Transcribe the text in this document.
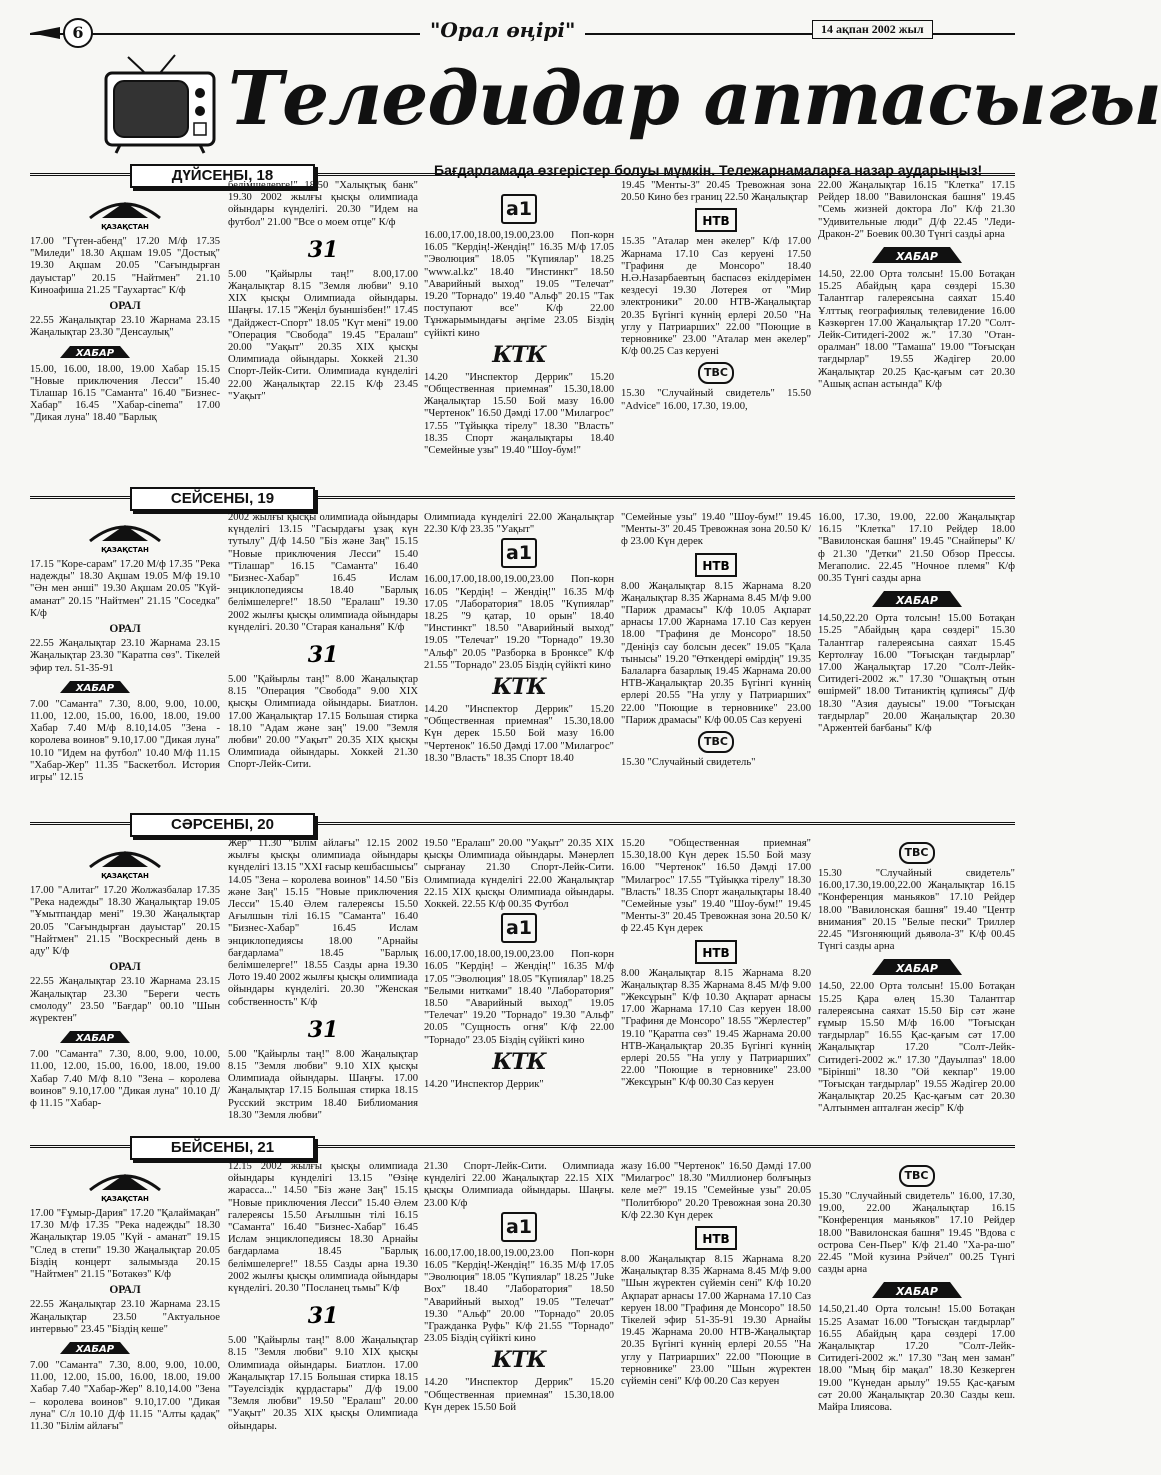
6	"Орал өңірі"	14 ақпан 2002 жыл
Теледидар аптасыгы
Бағдарламада өзгерістер болуы мүмкін. Тележарнамаларға назар аударыңыз!
ДҮЙСЕНБІ, 18
СЕЙСЕНБІ, 19
СӘРСЕНБІ, 20
БЕЙСЕНБІ, 21
ҚАЗАҚСТАН

17.00 "Гүтен-абенд" 17.20 М/ф 17.35 "Миледи" 18.30 Ақшам 19.05 "Достық" 19.30 Ақшам 20.05 "Сағындырған дауыстар" 20.15 "Найтмен" 21.10 Киноафиша 21.25 "Гаухартас" К/ф

ОРАЛ

22.55 Жаңалықтар 23.10 Жарнама 23.15 Жаңалықтар 23.30 "Денсаулық"

ХАБАР

15.00, 16.00, 18.00, 19.00 Хабар 15.15 "Новые приключения Лесси" 15.40 Тілашар 16.15 "Саманта" 16.40 "Бизнес-Хабар" 16.45 "Хабар-cinema" 17.00 "Дикая луна" 18.40 "Барлық

белімшелерге!" 18.50 "Халықтық банк" 19.30 2002 жылғы қысқы олимпиада ойындары күнделігі. 20.30 "Идем на футбол" 21.00 "Все о моем отце" К/ф

31

5.00 "Қайырлы таң!" 8.00,17.00 Жаңалықтар 8.15 "Земля любви" 9.10 XIX қысқы Олимпиада ойындары. Шаңғы. 17.15 "Жеңіл буыншізбен!" 17.45 "Дайджест-Спорт" 18.05 "Күт мені" 19.00 "Операция "Свобода" 19.45 "Ералаш" 20.00 "Уақыт" 20.35 XIX қысқы Олимпиада ойындары. Хоккей 21.30 Спорт-Лейк-Сити. Олимпиада күнделігі 22.00 Жаңалықтар 22.15 К/ф 23.45 "Уақыт"

а1

16.00,17.00,18.00,19.00,23.00 Поп-корн 16.05 "Кердің!-Жендің!" 16.35 М/ф 17.05 "Эволюция" 18.05 "Күпиялар" 18.25 "www.al.kz" 18.40 "Инстинкт" 18.50 "Аварийный выход" 19.05 "Телечат" 19.20 "Торнадо" 19.40 "Альф" 20.15 "Так поступают все" К/ф 22.00 Тұнжарымындағы әңгіме 23.05 Біздің сүйікті кино

КТК

14.20 "Инспектор Деррик" 15.20 "Общественная приемная" 15.30,18.00 Жаңалықтар 15.50 Бой мазу 16.00 "Чертенок" 16.50 Дәмді 17.00 "Милагрос" 17.55 "Тұйықка тірелу" 18.30 "Власть" 18.35 Спорт жаңалықтары 18.40 "Семейные узы" 19.40 "Шоу-бум!"

19.45 "Менты-3" 20.45 Тревожная зона 20.50 Кино без границ 22.50 Жаңалықтар

НТВ

15.35 "Аталар мен әкелер" К/ф 17.00 Жарнама 17.10 Саз керуені 17.50 "Графиня де Монсоро" 18.40 Н.Ә.Назарбаевтың баспасөз екілдерімен кездесуі 19.30 Лотерея от "Мир электроники" 20.00 НТВ-Жаңалықтар 20.35 Бүгінгі күннің ерлері 20.50 "На углу у Патриарших" 22.00 "Поющие в терновнике" 23.00 "Аталар мен әкелер" К/ф 00.25 Саз керуені

ТВС

15.30 "Случайный свидетель" 15.50 "Advice" 16.00, 17.30, 19.00,

22.00 Жаңалықтар 16.15 "Клетка" 17.15 Рейдер 18.00 "Вавилонская башня" 19.45 "Семь жизней доктора Ло" К/ф 21.30 "Удивительные люди" Д/ф 22.45 "Леди-Дракон-2" Боевик 00.30 Түнгі саздьі арна

ХАБАР

14.50, 22.00 Орта толсын! 15.00 Ботақан 15.25 Абайдың қара сөздері 15.30 Талантгар галереясына саяхат 15.40 Ұлттық географиялық телевидение 16.00 Кәзкөрген 17.00 Жаңалықтар 17.20 "Солт-Лейк-Ситидегі-2002 ж." 17.30 "Отан-оралман" 18.00 "Тамаша" 19.00 "Тоғысқан тағдырлар" 19.55 Жәдігер 20.00 Жаңалықтар 20.25 Қас-қағым сәт 20.30 "Ашық аспан астында" К/ф

ҚАЗАҚСТАН

17.15 "Коре-сарам" 17.20 М/ф 17.35 "Река надежды" 18.30 Ақшам 19.05 М/ф 19.10 "Ән мен әнші" 19.30 Ақшам 20.05 "Күй-аманат" 20.15 "Найтмен" 21.15 "Соседка" К/ф

ОРАЛ

22.55 Жаңалықтар 23.10 Жарнама 23.15 Жаңалықтар 23.30 "Каратпа сөз". Тікелей эфир тел. 51-35-91

ХАБАР

7.00 "Саманта" 7.30, 8.00, 9.00, 10.00, 11.00, 12.00, 15.00, 16.00, 18.00, 19.00 Хабар 7.40 М/ф 8.10,14.05 "Зена - королева воинов" 9.10,17.00 "Дикая луна" 10.10 "Идем на футбол" 10.40 М/ф 11.15 "Хабар-Жер" 11.35 "Баскетбол. История игры" 12.15

2002 жылғы қысқы олимпиада ойындары күнделігі 13.15 "Гасырдағы ұзақ күн тутылу" Д/ф 14.50 "Біз және Заң" 15.15 "Новые приключения Лесси" 15.40 "Тілашар" 16.15 "Саманта" 16.40 "Бизнес-Хабар" 16.45 Ислам энциклопедиясы 18.40 "Барлық белімшелерге!" 18.50 "Ералаш" 19.30 2002 жылғы қысқы олимпиада ойындары күнделігі. 20.30 "Старая канальня" К/ф

31

5.00 "Қайырлы таң!" 8.00 Жаңалықтар 8.15 "Операция "Свобода" 9.00 XIX қысқы Олимпиада ойындары. Биатлон. 17.00 Жаңалықтар 17.15 Большая стирка 18.10 "Адам және заң" 19.00 "Земля любви" 20.00 "Уақыт" 20.35 XIX қысқы Олимпиада ойындары. Хоккей 21.30 Спорт-Лейк-Сити.

Олимпиада күнделігі 22.00 Жаңалықтар 22.30 К/ф 23.35 "Уақыт"

а1

16.00,17.00,18.00,19.00,23.00 Поп-корн 16.05 "Кердің! – Жендің!" 16.35 М/ф 17.05 "Лаборатория" 18.05 "Күпиялар" 18.25 "9 қатар, 10 орын" 18.40 "Инстинкт" 18.50 "Аварийный выход" 19.05 "Телечат" 19.20 "Торнадо" 19.30 "Альф" 20.05 "Разборка в Бронксе" К/ф 21.55 "Торнадо" 23.05 Біздің сүйікті кино

КТК

14.20 "Инспектор Деррик" 15.20 "Общественная приемная" 15.30,18.00 Күн дерек 15.50 Бой мазу 16.00 "Чертенок" 16.50 Дәмді 17.00 "Милагрос" 18.30 "Власть" 18.35 Спорт 18.40

"Семейные узы" 19.40 "Шоу-бум!" 19.45 "Менты-3" 20.45 Тревожная зона 20.50 К/ф 23.00 Күн дерек

НТВ

8.00 Жаңалықтар 8.15 Жарнама 8.20 Жаңалықтар 8.35 Жарнама 8.45 М/ф 9.00 "Париж драмасы" К/ф 10.05 Ақпарат арнасы 17.00 Жарнама 17.10 Саз керуен 18.00 "Графиня де Монсоро" 18.50 "Деніңіз сау болсын десек" 19.05 "Қала тынысы" 19.20 "Өткендері өмірдің" 19.35 Балаларға базарлық 19.45 Жарнама 20.00 НТВ-Жаңалықтар 20.35 Бүгінгі күннің ерлері 20.55 "На углу у Патриарших" 22.00 "Поющие в терновнике" 23.00 "Париж драмасы" К/ф 00.05 Саз керуені

ТВС

15.30 "Случайный свидетель"

16.00, 17.30, 19.00, 22.00 Жаңалықтар 16.15 "Клетка" 17.10 Рейдер 18.00 "Вавилонская башня" 19.45 "Снайперы" К/ф 21.30 "Детки" 21.50 Обзор Прессы. Мегаполис. 22.45 "Ночное племя" К/ф 00.35 Түнгі сазды арна

ХАБАР

14.50,22.20 Орта толсын! 15.00 Ботақан 15.25 "Абайдың қара сөздері" 15.30 Талантгар галереясына саяхат 15.45 Кертолғау 16.00 "Тоғысқан тағдырлар" 17.00 Жаңалықтар 17.20 "Солт-Лейк-Ситидегі-2002 ж." 17.30 "Ошақтың отын өшірмей" 18.00 Титаниктің құпиясы" Д/ф 18.30 "Азия дауысы" 19.00 "Тоғысқан тағдырлар" 20.00 Жаңалықтар 20.30 "Аржентей бағбаны" К/ф

ҚАЗАҚСТАН

17.00 "Алитаг" 17.20 Жолжазбалар 17.35 "Река надежды" 18.30 Жаңалықтар 19.05 "Ұмытпаңдар мені" 19.30 Жаңалықтар 20.05 "Сағындырған дауыстар" 20.15 "Найтмен" 21.15 "Воскресный день в аду" К/ф

ОРАЛ

22.55 Жаңалықтар 23.10 Жарнама 23.15 Жаңалықтар 23.30 "Береги честь смолоду" 23.50 "Бағдар" 00.10 "Шын жүректен"

ХАБАР

7.00 "Саманта" 7.30, 8.00, 9.00, 10.00, 11.00, 12.00, 15.00, 16.00, 18.00, 19.00 Хабар 7.40 М/ф 8.10 "Зена – королева воинов" 9.10,17.00 "Дикая луна" 10.10 Д/ф 11.15 "Хабар-

Жер" 11.30 "Білім айлағы" 12.15 2002 жылғы қысқы олимпиада ойындары күнделігі 13.15 "XXI ғасыр кешбасшысы" 14.05 "Зена – королева воинов" 14.50 "Біз және Заң" 15.15 "Новые приключения Лесси" 15.40 Әлем галереясы 15.50 Ағылшын тілі 16.15 "Саманта" 16.40 "Бизнес-Хабар" 16.45 Ислам энциклопедиясы 18.00 "Арнайы бағдарлама" 18.45 "Барлық белімшелерге!" 18.55 Сазды арна 19.30 Лото 19.40 2002 жылғы қысқы олимпиада ойындары күнделігі. 20.30 "Женская собственность" К/ф

31

5.00 "Қайырлы таң!" 8.00 Жаңалықтар 8.15 "Земля любви" 9.10 XIX қысқы Олимпиада ойындары. Шаңғы. 17.00 Жаңалықтар 17.15 Большая стирка 18.15 Русский экстрим 18.40 Библиомания 18.30 "Земля любви"

19.50 "Ералаш" 20.00 "Уақыт" 20.35 XIX қысқы Олимпиада ойындары. Мәнерлеп сырғанау 21.30 Спорт-Лейк-Сити. Олимпиада күнделігі 22.00 Жаңалықтар 22.15 XIX қысқы Олимпиада ойындары. Хоккей. 22.55 К/ф 00.35 Футбол

а1

16.00,17.00,18.00,19.00,23.00 Поп-корн 16.05 "Кердің! – Жендің!" 16.35 М/ф 17.05 "Эволюция" 18.05 "Күпиялар" 18.25 "Белыми нитками" 18.40 "Лаборатория" 18.50 "Аварийный выход" 19.05 "Телечат" 19.20 "Торнадо" 19.30 "Альф" 20.05 "Сущность огня" К/ф 22.00 "Торнадо" 23.05 Біздің сүйікті кино

КТК

14.20 "Инспектор Деррик"

15.20 "Общественная приемная" 15.30,18.00 Күн дерек 15.50 Бой мазу 16.00 "Чертенок" 16.50 Дәмді 17.00 "Милагрос" 17.55 "Тұйықка тірелу" 18.30 "Власть" 18.35 Спорт жаңалықтары 18.40 "Семейные узы" 19.40 "Шоу-бум!" 19.45 "Менты-3" 20.45 Тревожная зона 20.50 К/ф 22.45 Күн дерек

НТВ

8.00 Жаңалықтар 8.15 Жарнама 8.20 Жаңалықтар 8.35 Жарнама 8.45 М/ф 9.00 "Жексұрын" К/ф 10.30 Ақпарат арнасы 17.00 Жарнама 17.10 Саз керуен 18.00 "Графиня де Монсоро" 18.55 "Жерлестер" 19.10 "Қаратпа сөз" 19.45 Жарнама 20.00 НТВ-Жаңалықтар 20.35 Бүгінгі күннің ерлері 20.55 "На углу у Патриарших" 22.00 "Поющие в терновнике" 23.00 "Жексұрын" К/ф 00.30 Саз керуен

ТВС

15.30 "Случайный свидетель" 16.00,17.30,19.00,22.00 Жаңалықтар 16.15 "Конференция маньяков" 17.10 Рейдер 18.00 "Вавилонская башня" 19.40 "Центр внимания" 20.15 "Белые пески" Триллер 22.45 "Изгоняющий дьявола-3" К/ф 00.45 Түнгі сазды арна

ХАБАР

14.50, 22.00 Орта толсын! 15.00 Ботақан 15.25 Қара өлең 15.30 Талантгар галереясына саяхат 15.50 Бір сәт және ғұмыр 15.50 М/ф 16.00 "Тоғысқан тағдырлар" 16.55 Қас-қағым сәт 17.00 Жаңалықтар 17.20 "Солт-Лейк-Ситидегі-2002 ж." 17.30 "Дауылпаз" 18.00 "Бірінші" 18.30 "Ой кекпар" 19.00 "Тоғысқан тағдырлар" 19.55 Жәдігер 20.00 Жаңалықтар 20.25 Қас-қағым сәт 20.30 "Алтынмен апталған жесір" К/ф

ҚАЗАҚСТАН

17.00 "Ғұмыр-Дария" 17.20 "Қалаймақан" 17.30 М/ф 17.35 "Река надежды" 18.30 Жаңалықтар 19.05 "Күй - аманат" 19.15 "След в степи" 19.30 Жаңалықтар 20.05 Біздің концерт залымызда 20.15 "Найтмен" 21.15 "Ботакөз" К/ф

ОРАЛ

22.55 Жаңалықтар 23.10 Жарнама 23.15 Жаңалықтар 23.50 "Актуальное интервью" 23.45 "Біздің кеше"

ХАБАР

7.00 "Саманта" 7.30, 8.00, 9.00, 10.00, 11.00, 12.00, 15.00, 16.00, 18.00, 19.00 Хабар 7.40 "Хабар-Жер" 8.10,14.00 "Зена – королева воинов" 9.10,17.00 "Дикая луна" С/л 10.10 Д/ф 11.15 "Алты қадақ" 11.30 "Білім айлағы"

12.15 2002 жылғы қысқы олимпиада ойындары күнделігі 13.15 "Өзіңе жарасса..." 14.50 "Біз және Заң" 15.15 "Новые приключения Лесси" 15.40 Әлем галереясы 15.50 Ағылшын тілі 16.15 "Саманта" 16.40 "Бизнес-Хабар" 16.45 Ислам энциклопедиясы 18.30 Арнайы бағдарлама 18.45 "Барлық белімшелерге!" 18.55 Сазды арна 19.30 2002 жылғы қысқы олимпиада ойындары күнделігі. 20.30 "Посланец тьмы" К/ф

31

5.00 "Қайырлы таң!" 8.00 Жаңалықтар 8.15 "Земля любви" 9.10 XIX қысқы Олимпиада ойындары. Биатлон. 17.00 Жаңалықтар 17.15 Большая стирка 18.15 "Тәуелсіздік құрдастары" Д/ф 19.00 "Земля любви" 19.50 "Ералаш" 20.00 "Уақыт" 20.35 XIX қысқы Олимпиада ойындары.

21.30 Спорт-Лейк-Сити. Олимпиада күнделігі 22.00 Жаңалықтар 22.15 XIX қысқы Олимпиада ойындары. Шаңғы. 23.00 К/ф

а1

16.00,17.00,18.00,19.00,23.00 Поп-корн 16.05 "Кердің!-Жендің!" 16.35 М/ф 17.05 "Эволюция" 18.05 "Күпиялар" 18.25 "Juke Box" 18.40 "Лаборатория" 18.50 "Аварийный выход" 19.05 "Телечат" 19.30 "Альф" 20.00 "Торнадо" 20.05 "Гражданка Руфь" К/ф 21.55 "Торнадо" 23.05 Біздің сүйікті кино

КТК

14.20 "Инспектор Деррик" 15.20 "Общественная приемная" 15.30,18.00 Күн дерек 15.50 Бой

жазу 16.00 "Чертенок" 16.50 Дәмді 17.00 "Милагрос" 18.30 "Миллионер болғыңыз келе ме?" 19.15 "Семейные узы" 20.05 "Политбюро" 20.20 Тревожная зона 20.30 К/ф 22.30 Күн дерек

НТВ

8.00 Жаңалықтар 8.15 Жарнама 8.20 Жаңалықтар 8.35 Жарнама 8.45 М/ф 9.00 "Шын жүректен сүйемін сені" К/ф 10.20 Ақпарат арнасы 17.00 Жарнама 17.10 Саз керуен 18.00 "Графиня де Монсоро" 18.50 Тікелей эфир 51-35-91 19.30 Арнайы 19.45 Жарнама 20.00 НТВ-Жаңалықтар 20.35 Бүгінгі күннің ерлері 20.55 "На углу у Патриарших" 22.00 "Поющие в терновнике" 23.00 "Шын жүректен сүйемін сені" К/ф 00.20 Саз керуен

ТВС

15.30 "Случайный свидетель" 16.00, 17.30, 19.00, 22.00 Жаңалықтар 16.15 "Конференция маньяков" 17.10 Рейдер 18.00 "Вавилонская башня" 19.45 "Вдова с острова Сен-Пьер" К/ф 21.40 "Ха-ра-шо" 22.45 "Мой кузина Рэйчел" 00.25 Түнгі сазды арна

ХАБАР

14.50,21.40 Орта толсын! 15.00 Ботақан 15.25 Азамат 16.00 "Тоғысқан тағдырлар" 16.55 Абайдың қара сөздері 17.00 Жаңалықтар 17.20 "Солт-Лейк-Ситидегі-2002 ж." 17.30 "Заң мен заман" 18.00 "Мың бір мақал" 18.30 Кезкерген 19.00 "Күнедан арылу" 19.55 Қас-қағым сәт 20.00 Жаңалықтар 20.30 Сазды кеш. Майра Ілиясова.
